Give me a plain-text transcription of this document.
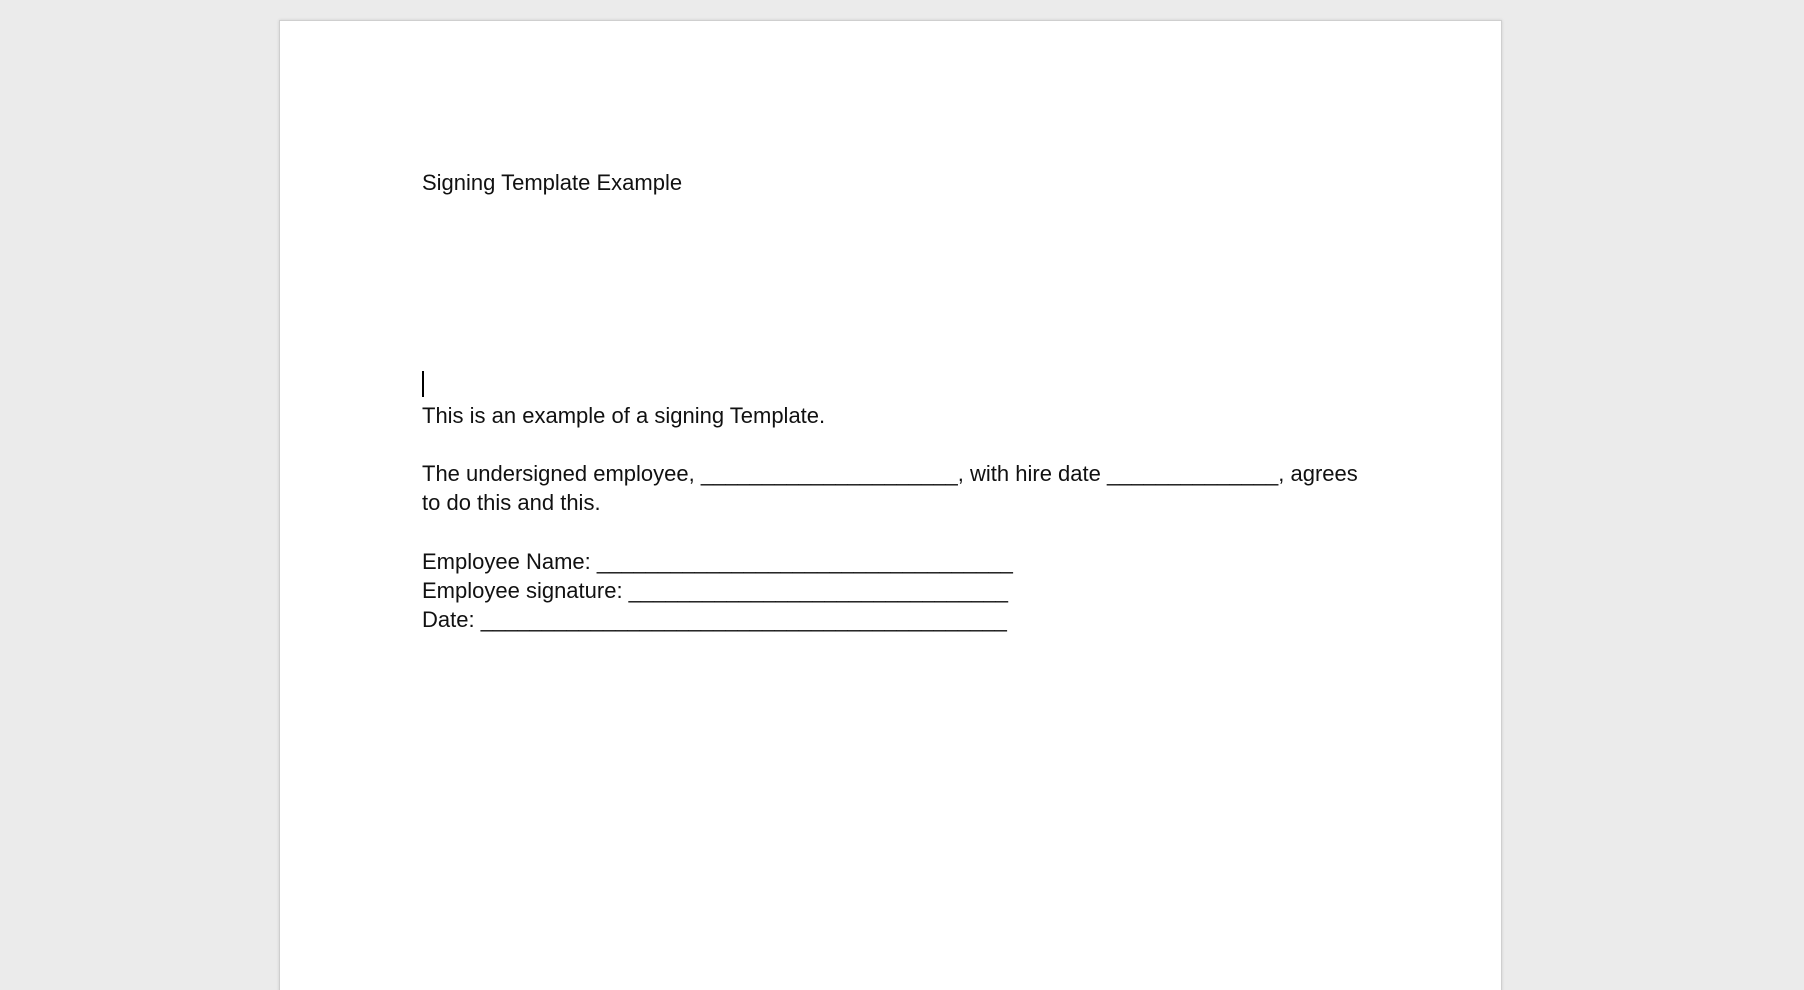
Signing Template Example
This is an example of a signing Template.
The undersigned employee, _____________________, with hire date ______________, agrees
to do this and this.
Employee Name: __________________________________
Employee signature: _______________________________
Date: ___________________________________________
